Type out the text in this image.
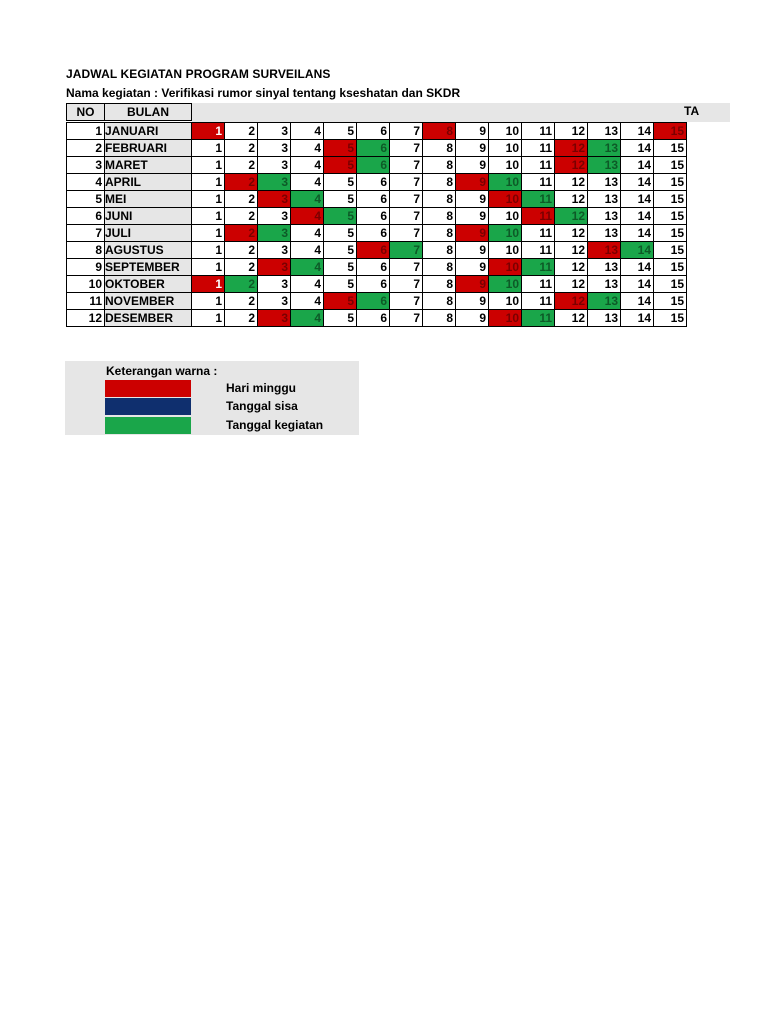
JADWAL KEGIATAN PROGRAM SURVEILANS
Nama kegiatan : Verifikasi rumor sinyal tentang kseshatan dan SKDR
NO	BULAN	TA
1	JANUARI	1	2	3	4	5	6	7	8	9	10	11	12	13	14	15
2	FEBRUARI	1	2	3	4	5	6	7	8	9	10	11	12	13	14	15
3	MARET	1	2	3	4	5	6	7	8	9	10	11	12	13	14	15
4	APRIL	1	2	3	4	5	6	7	8	9	10	11	12	13	14	15
5	MEI	1	2	3	4	5	6	7	8	9	10	11	12	13	14	15
6	JUNI	1	2	3	4	5	6	7	8	9	10	11	12	13	14	15
7	JULI	1	2	3	4	5	6	7	8	9	10	11	12	13	14	15
8	AGUSTUS	1	2	3	4	5	6	7	8	9	10	11	12	13	14	15
9	SEPTEMBER	1	2	3	4	5	6	7	8	9	10	11	12	13	14	15
10	OKTOBER	1	2	3	4	5	6	7	8	9	10	11	12	13	14	15
11	NOVEMBER	1	2	3	4	5	6	7	8	9	10	11	12	13	14	15
12	DESEMBER	1	2	3	4	5	6	7	8	9	10	11	12	13	14	15
Keterangan warna :
Hari minggu
Tanggal sisa
Tanggal kegiatan
